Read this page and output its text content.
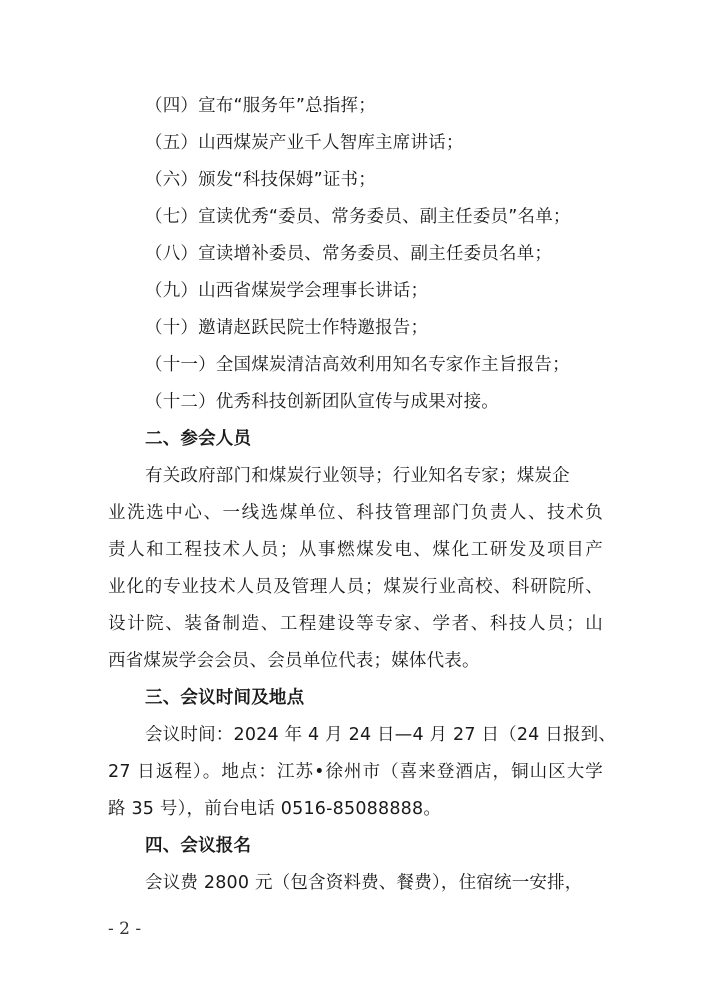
（四）宣布“服务年”总指挥；
（五）山西煤炭产业千人智库主席讲话；
（六）颁发“科技保姆”证书；
（七）宣读优秀“委员、常务委员、副主任委员”名单；
（八）宣读增补委员、常务委员、副主任委员名单；
（九）山西省煤炭学会理事长讲话；
（十）邀请赵跃民院士作特邀报告；
（十一）全国煤炭清洁高效利用知名专家作主旨报告；
（十二）优秀科技创新团队宣传与成果对接。
二、参会人员
有关政府部门和煤炭行业领导；行业知名专家；煤炭企
业洗选中心、一线选煤单位、科技管理部门负责人、技术负
责人和工程技术人员；从事燃煤发电、煤化工研发及项目产
业化的专业技术人员及管理人员；煤炭行业高校、科研院所、
设计院、装备制造、工程建设等专家、学者、科技人员；山
西省煤炭学会会员、会员单位代表；媒体代表。
三、会议时间及地点
会议时间：2024 年 4 月 24 日—4 月 27 日（24 日报到、
27 日返程）。地点：江苏•徐州市（喜来登酒店，铜山区大学
路 35 号），前台电话 0516-85088888。
四、会议报名
会议费 2800 元（包含资料费、餐费），住宿统一安排，
- 2 -
